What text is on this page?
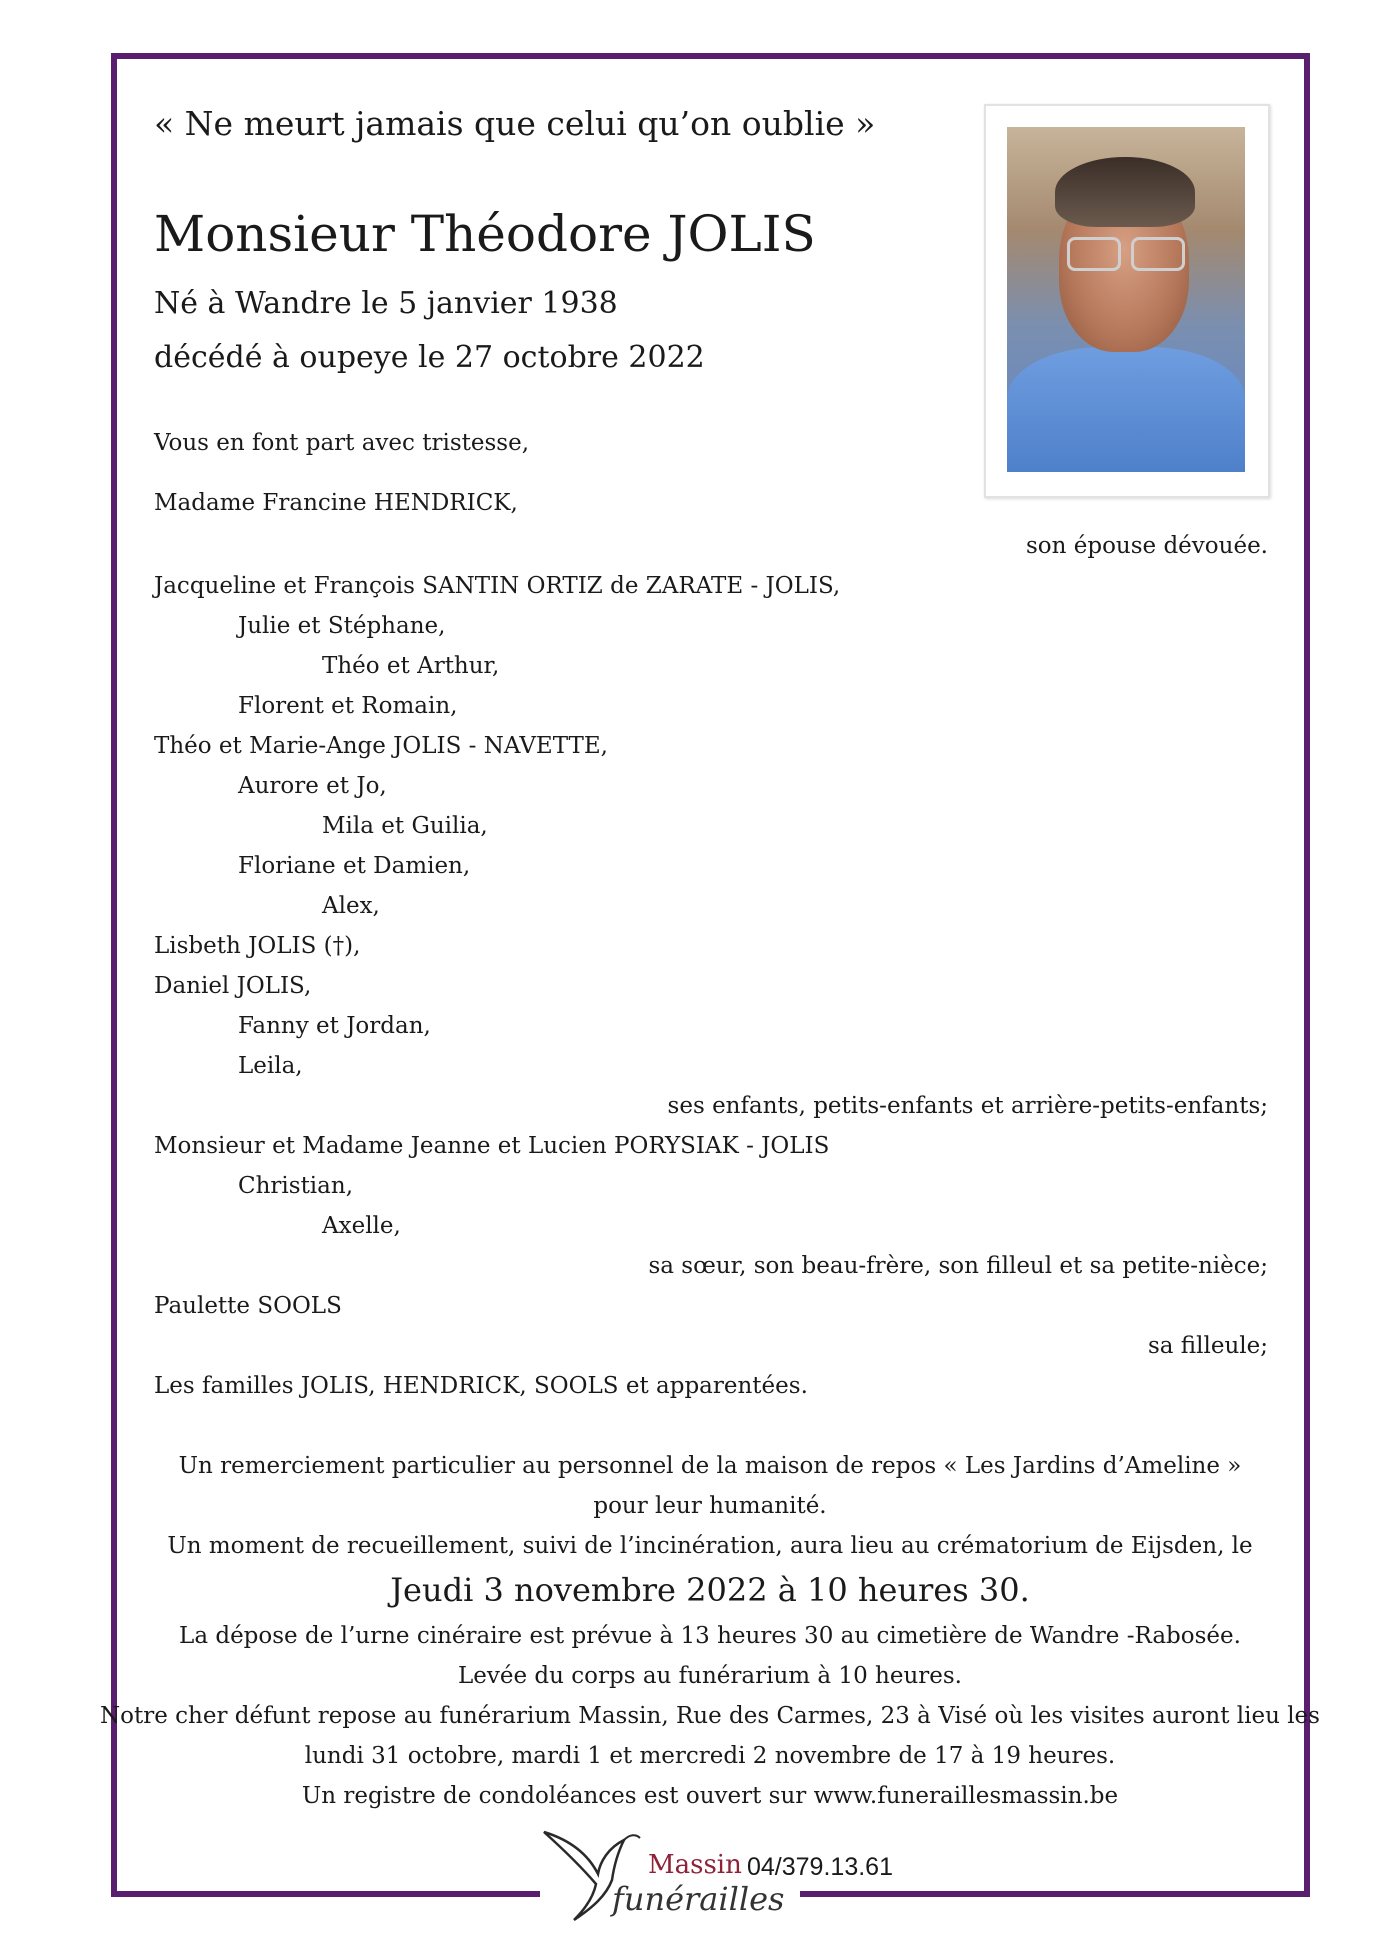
« Ne meurt jamais que celui qu’on oublie »
Monsieur Théodore JOLIS
Né à Wandre le 5 janvier 1938
décédé à oupeye le 27 octobre 2022
Vous en font part avec tristesse,
Madame Francine HENDRICK,
son épouse dévouée.
Jacqueline et François SANTIN ORTIZ de ZARATE - JOLIS,
Julie et Stéphane,
Théo et Arthur,
Florent et Romain,
Théo et Marie-Ange JOLIS - NAVETTE,
Aurore et Jo,
Mila et Guilia,
Floriane et Damien,
Alex,
Lisbeth JOLIS (†),
Daniel JOLIS,
Fanny et Jordan,
Leila,
ses enfants, petits-enfants et arrière-petits-enfants;
Monsieur et Madame Jeanne et Lucien PORYSIAK - JOLIS
Christian,
Axelle,
sa sœur, son beau-frère, son filleul et sa petite-nièce;
Paulette SOOLS
sa filleule;
Les familles JOLIS, HENDRICK, SOOLS et apparentées.
Un remerciement particulier au personnel de la maison de repos « Les Jardins d’Ameline »
pour leur humanité.
Un moment de recueillement, suivi de l’incinération, aura lieu au crématorium de Eijsden, le
Jeudi 3 novembre 2022 à 10 heures 30.
La dépose de l’urne cinéraire est prévue à 13 heures 30 au cimetière de Wandre -Rabosée.
Levée du corps au funérarium à 10 heures.
Notre cher défunt repose au funérarium Massin, Rue des Carmes, 23 à Visé où les visites auront lieu les
lundi 31 octobre, mardi 1 et mercredi 2 novembre de 17 à 19 heures.
Un registre de condoléances est ouvert sur www.funeraillesmassin.be
Massin
funérailles
04/379.13.61
